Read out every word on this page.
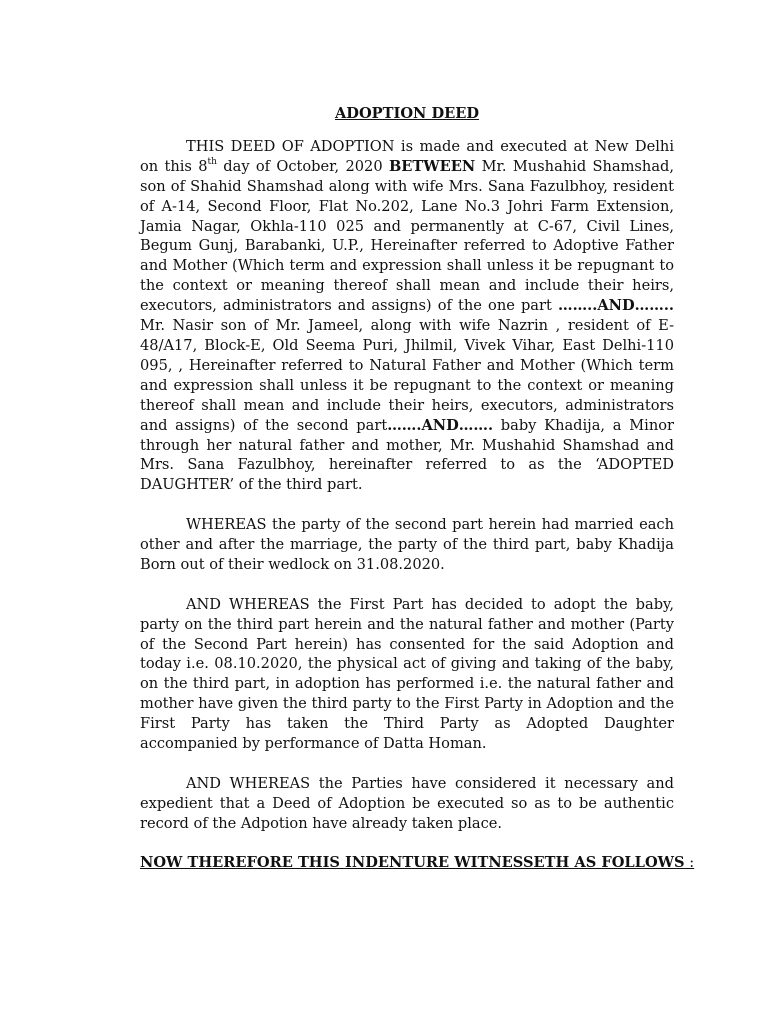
ADOPTION DEED

THIS DEED OF ADOPTION is made and executed at New Delhi on this 8th day of October, 2020 BETWEEN Mr. Mushahid Shamshad, son of Shahid Shamshad along with wife Mrs. Sana Fazulbhoy, resident of A-14, Second Floor, Flat No.202, Lane No.3 Johri Farm Extension, Jamia Nagar, Okhla-110 025 and permanently at C-67, Civil Lines, Begum Gunj, Barabanki, U.P., Hereinafter referred to Adoptive Father and Mother (Which term and expression shall unless it be repugnant to the context or meaning thereof shall mean and include their heirs, executors, administrators and assigns) of the one part ……..AND…….. Mr. Nasir son of Mr. Jameel, along with wife Nazrin , resident of E-48/A17, Block-E, Old Seema Puri, Jhilmil, Vivek Vihar, East Delhi-110 095, , Hereinafter referred to Natural Father and Mother (Which term and expression shall unless it be repugnant to the context or meaning thereof shall mean and include their heirs, executors, administrators and assigns) of the second part…….AND……. baby Khadija, a Minor through her natural father and mother, Mr. Mushahid Shamshad and Mrs. Sana Fazulbhoy, hereinafter referred to as the ‘ADOPTED DAUGHTER’ of the third part.

WHEREAS the party of the second part herein had married each other and after the marriage, the party of the third part, baby Khadija Born out of their wedlock on 31.08.2020.

AND WHEREAS the First Part has decided to adopt the baby, party on the third part herein and the natural father and mother (Party of the Second Part herein) has consented for the said Adoption and today i.e. 08.10.2020, the physical act of giving and taking of the baby, on the third part, in adoption has performed i.e. the natural father and mother have given the third party to the First Party in Adoption and the First Party has taken the Third Party as Adopted Daughter accompanied by performance of Datta Homan.

AND WHEREAS the Parties have considered it necessary and expedient that a Deed of Adoption be executed so as to be authentic record of the Adpotion have already taken place.

NOW THEREFORE THIS INDENTURE WITNESSETH AS FOLLOWS :
